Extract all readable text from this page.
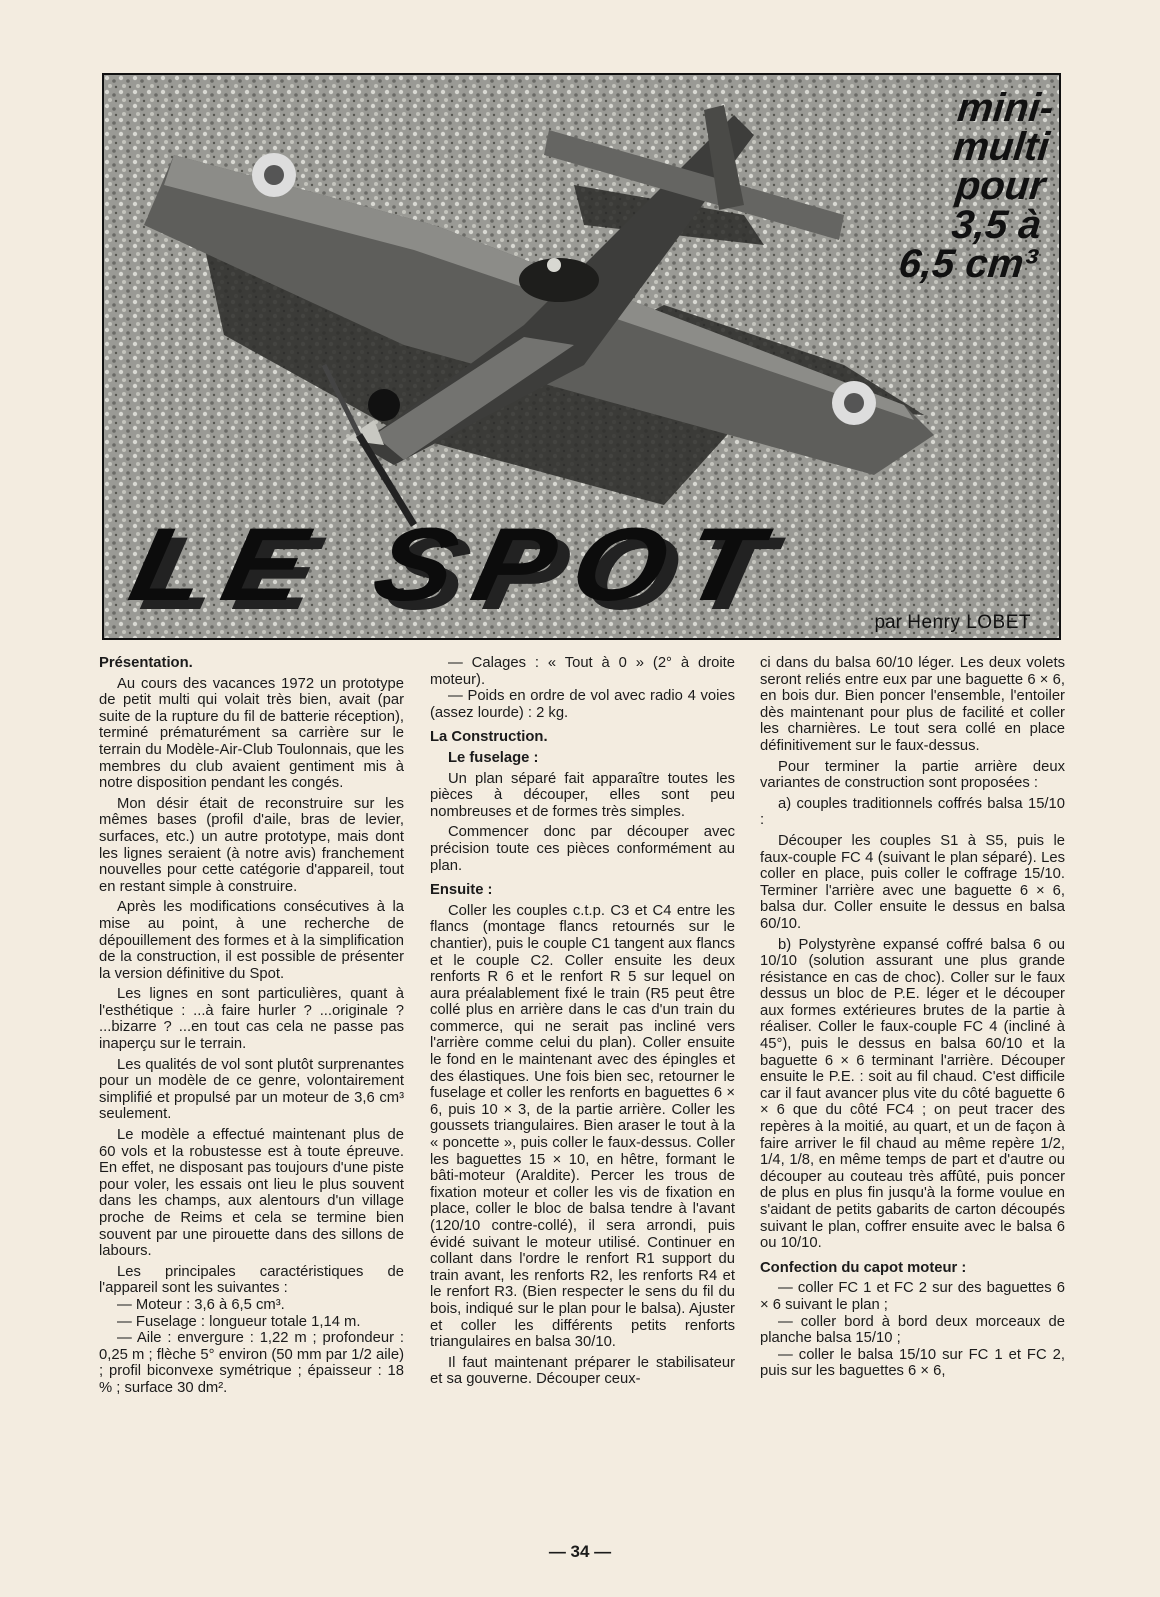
mini-
multi
pour
3,5 à
6,5 cm³
LE SPOT	par Henry LOBET

Présentation.

Au cours des vacances 1972 un prototype de petit multi qui volait très bien, avait (par suite de la rupture du fil de batterie réception), terminé prématurément sa carrière sur le terrain du Modèle-Air-Club Toulonnais, que les membres du club avaient gentiment mis à notre disposition pendant les congés.

Mon désir était de reconstruire sur les mêmes bases (profil d'aile, bras de levier, surfaces, etc.) un autre prototype, mais dont les lignes seraient (à notre avis) franchement nouvelles pour cette catégorie d'appareil, tout en restant simple à construire.

Après les modifications consécutives à la mise au point, à une recherche de dépouillement des formes et à la simplification de la construction, il est possible de présenter la version définitive du Spot.

Les lignes en sont particulières, quant à l'esthétique : ...à faire hurler ? ...originale ? ...bizarre ? ...en tout cas cela ne passe pas inaperçu sur le terrain.

Les qualités de vol sont plutôt surprenantes pour un modèle de ce genre, volontairement simplifié et propulsé par un moteur de 3,6 cm³ seulement.

Le modèle a effectué maintenant plus de 60 vols et la robustesse est à toute épreuve. En effet, ne disposant pas toujours d'une piste pour voler, les essais ont lieu le plus souvent dans les champs, aux alentours d'un village proche de Reims et cela se termine bien souvent par une pirouette dans des sillons de labours.

Les principales caractéristiques de l'appareil sont les suivantes :

— Moteur : 3,6 à 6,5 cm³.

— Fuselage : longueur totale 1,14 m.

— Aile : envergure : 1,22 m ; profondeur : 0,25 m ; flèche 5° environ (50 mm par 1/2 aile) ; profil biconvexe symétrique ; épaisseur : 18 % ; surface 30 dm².

— Calages : « Tout à 0 » (2° à droite moteur).

— Poids en ordre de vol avec radio 4 voies (assez lourde) : 2 kg.

La Construction.

Le fuselage :

Un plan séparé fait apparaître toutes les pièces à découper, elles sont peu nombreuses et de formes très simples.

Commencer donc par découper avec précision toute ces pièces conformément au plan.

Ensuite :

Coller les couples c.t.p. C3 et C4 entre les flancs (montage flancs retournés sur le chantier), puis le couple C1 tangent aux flancs et le couple C2. Coller ensuite les deux renforts R 6 et le renfort R 5 sur lequel on aura préalablement fixé le train (R5 peut être collé plus en arrière dans le cas d'un train du commerce, qui ne serait pas incliné vers l'arrière comme celui du plan). Coller ensuite le fond en le maintenant avec des épingles et des élastiques. Une fois bien sec, retourner le fuselage et coller les renforts en baguettes 6 × 6, puis 10 × 3, de la partie arrière. Coller les goussets triangulaires. Bien araser le tout à la « poncette », puis coller le faux-dessus. Coller les baguettes 15 × 10, en hêtre, formant le bâti-moteur (Araldite). Percer les trous de fixation moteur et coller les vis de fixation en place, coller le bloc de balsa tendre à l'avant (120/10 contre-collé), il sera arrondi, puis évidé suivant le moteur utilisé. Continuer en collant dans l'ordre le renfort R1 support du train avant, les renforts R2, les renforts R4 et le renfort R3. (Bien respecter le sens du fil du bois, indiqué sur le plan pour le balsa). Ajuster et coller les différents petits renforts triangulaires en balsa 30/10.

Il faut maintenant préparer le stabilisateur et sa gouverne. Découper ceux-

ci dans du balsa 60/10 léger. Les deux volets seront reliés entre eux par une baguette 6 × 6, en bois dur. Bien poncer l'ensemble, l'entoiler dès maintenant pour plus de facilité et coller les charnières. Le tout sera collé en place définitivement sur le faux-dessus.

Pour terminer la partie arrière deux variantes de construction sont proposées :

a) couples traditionnels coffrés balsa 15/10 :

Découper les couples S1 à S5, puis le faux-couple FC 4 (suivant le plan séparé). Les coller en place, puis coller le coffrage 15/10. Terminer l'arrière avec une baguette 6 × 6, balsa dur. Coller ensuite le dessus en balsa 60/10.

b) Polystyrène expansé coffré balsa 6 ou 10/10 (solution assurant une plus grande résistance en cas de choc). Coller sur le faux dessus un bloc de P.E. léger et le découper aux formes extérieures brutes de la partie à réaliser. Coller le faux-couple FC 4 (incliné à 45°), puis le dessus en balsa 60/10 et la baguette 6 × 6 terminant l'arrière. Découper ensuite le P.E. : soit au fil chaud. C'est difficile car il faut avancer plus vite du côté baguette 6 × 6 que du côté FC4 ; on peut tracer des repères à la moitié, au quart, et un de façon à faire arriver le fil chaud au même repère 1/2, 1/4, 1/8, en même temps de part et d'autre ou découper au couteau très affûté, puis poncer de plus en plus fin jusqu'à la forme voulue en s'aidant de petits gabarits de carton découpés suivant le plan, coffrer ensuite avec le balsa 6 ou 10/10.

Confection du capot moteur :

— coller FC 1 et FC 2 sur des baguettes 6 × 6 suivant le plan ;

— coller bord à bord deux morceaux de planche balsa 15/10 ;

— coller le balsa 15/10 sur FC 1 et FC 2, puis sur les baguettes 6 × 6,

— 34 —
